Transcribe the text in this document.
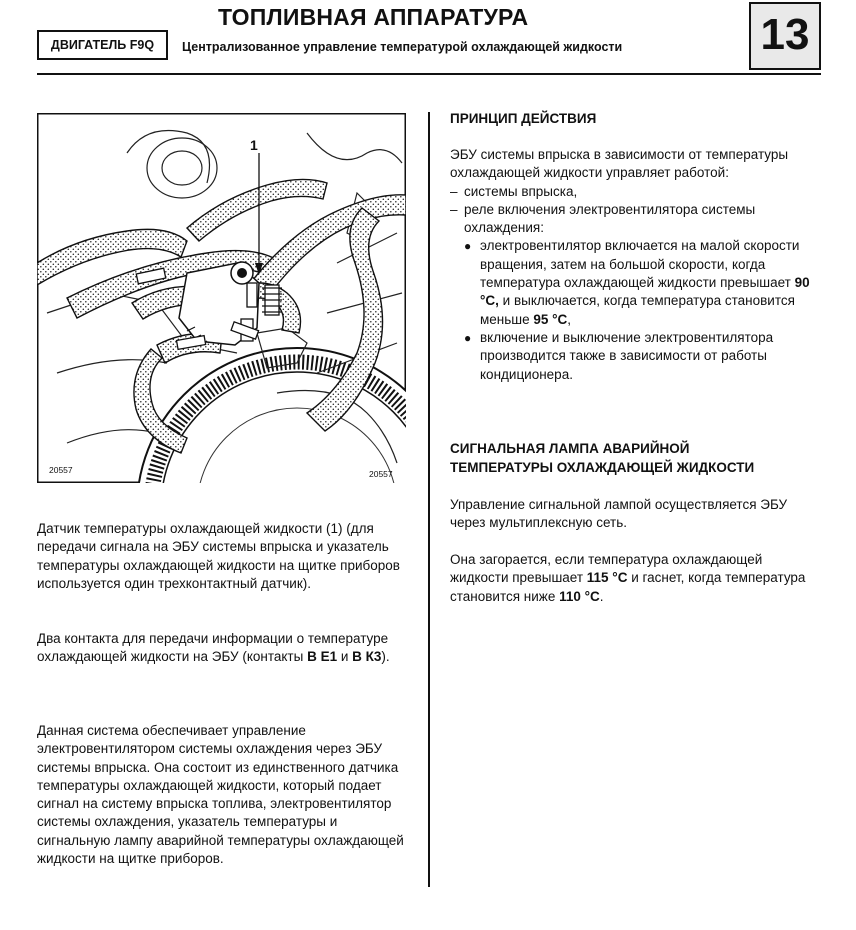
ТОПЛИВНАЯ АППАРАТУРА
ДВИГАТЕЛЬ F9Q	Централизованное управление температурой охлаждающей жидкости	13
1
20557	20557

Датчик температуры охлаждающей жидкости (1) (для передачи сигнала на ЭБУ системы впрыска и указатель температуры охлаждающей жидкости на щитке приборов используется один трехконтактный датчик).

Два контакта для передачи информации о температуре охлаждающей жидкости на ЭБУ (контакты В Е1 и В К3).

Данная система обеспечивает управление электровентилятором системы охлаждения через ЭБУ системы впрыска. Она состоит из единственного датчика температуры охлаждающей жидкости, который подает сигнал на систему впрыска топлива, электровентилятор системы охлаждения, указатель температуры и сигнальную лампу аварийной температуры охлаждающей жидкости на щитке приборов.

ПРИНЦИП ДЕЙСТВИЯ

ЭБУ системы впрыска в зависимости от температуры охлаждающей жидкости управляет работой:

– системы впрыска,
– реле включения электровентилятора системы охлаждения:
● электровентилятор включается на малой скорости вращения, затем на большой скорости, когда температура охлаждающей жидкости превышает 90 °С, и выключается, когда температура становится меньше 95 °С,
● включение и выключение электровентилятора производится также в зависимости от работы кондиционера.
СИГНАЛЬНАЯ ЛАМПА АВАРИЙНОЙ
ТЕМПЕРАТУРЫ ОХЛАЖДАЮЩЕЙ ЖИДКОСТИ

Управление сигнальной лампой осуществляется ЭБУ через мультиплексную сеть.

Она загорается, если температура охлаждающей жидкости превышает 115 °С и гаснет, когда температура становится ниже 110 °С.
